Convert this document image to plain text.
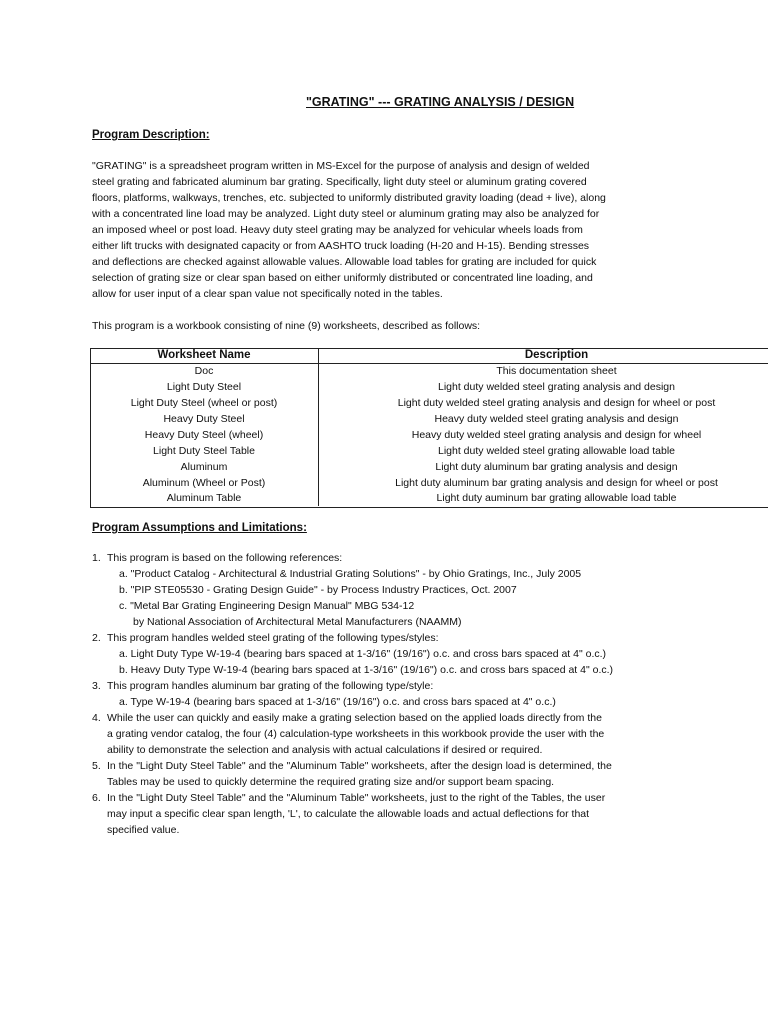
"GRATING" --- GRATING ANALYSIS / DESIGN
Program Description:
"GRATING" is a spreadsheet program written in MS-Excel for the purpose of analysis and design of welded
steel grating and fabricated aluminum bar grating. Specifically, light duty steel or aluminum grating covered
floors, platforms, walkways, trenches, etc. subjected to uniformly distributed gravity loading (dead + live), along
with a concentrated line load may be analyzed. Light duty steel or aluminum grating may also be analyzed for
an imposed wheel or post load. Heavy duty steel grating may be analyzed for vehicular wheels loads from
either lift trucks with designated capacity or from AASHTO truck loading (H-20 and H-15). Bending stresses
and deflections are checked against allowable values. Allowable load tables for grating are included for quick
selection of grating size or clear span based on either uniformly distributed or concentrated line loading, and
allow for user input of a clear span value not specifically noted in the tables.
This program is a workbook consisting of nine (9) worksheets, described as follows:
Worksheet Name	Description
Doc	This documentation sheet
Light Duty Steel	Light duty welded steel grating analysis and design
Light Duty Steel (wheel or post)	Light duty welded steel grating analysis and design for wheel or post
Heavy Duty Steel	Heavy duty welded steel grating analysis and design
Heavy Duty Steel (wheel)	Heavy duty welded steel grating analysis and design for wheel
Light Duty Steel Table	Light duty welded steel grating allowable load table
Aluminum	Light duty aluminum bar grating analysis and design
Aluminum (Wheel or Post)	Light duty aluminum bar grating analysis and design for wheel or post
Aluminum Table	Light duty auminum bar grating allowable load table
Program Assumptions and Limitations:
1. This program is based on the following references:
a. "Product Catalog - Architectural & Industrial Grating Solutions" - by Ohio Gratings, Inc., July 2005
b. "PIP STE05530 - Grating Design Guide" - by Process Industry Practices, Oct. 2007
c. "Metal Bar Grating Engineering Design Manual" MBG 534-12
by National Association of Architectural Metal Manufacturers (NAAMM)
2. This program handles welded steel grating of the following types/styles:
a. Light Duty Type W-19-4 (bearing bars spaced at 1-3/16" (19/16") o.c. and cross bars spaced at 4" o.c.)
b. Heavy Duty Type W-19-4 (bearing bars spaced at 1-3/16" (19/16") o.c. and cross bars spaced at 4" o.c.)
3. This program handles aluminum bar grating of the following type/style:
a. Type W-19-4 (bearing bars spaced at 1-3/16" (19/16") o.c. and cross bars spaced at 4" o.c.)
4. While the user can quickly and easily make a grating selection based on the applied loads directly from the
a grating vendor catalog, the four (4) calculation-type worksheets in this workbook provide the user with the
ability to demonstrate the selection and analysis with actual calculations if desired or required.
5. In the "Light Duty Steel Table" and the "Aluminum Table" worksheets, after the design load is determined, the
Tables may be used to quickly determine the required grating size and/or support beam spacing.
6. In the "Light Duty Steel Table" and the "Aluminum Table" worksheets, just to the right of the Tables, the user
may input a specific clear span length, 'L', to calculate the allowable loads and actual deflections for that
specified value.
